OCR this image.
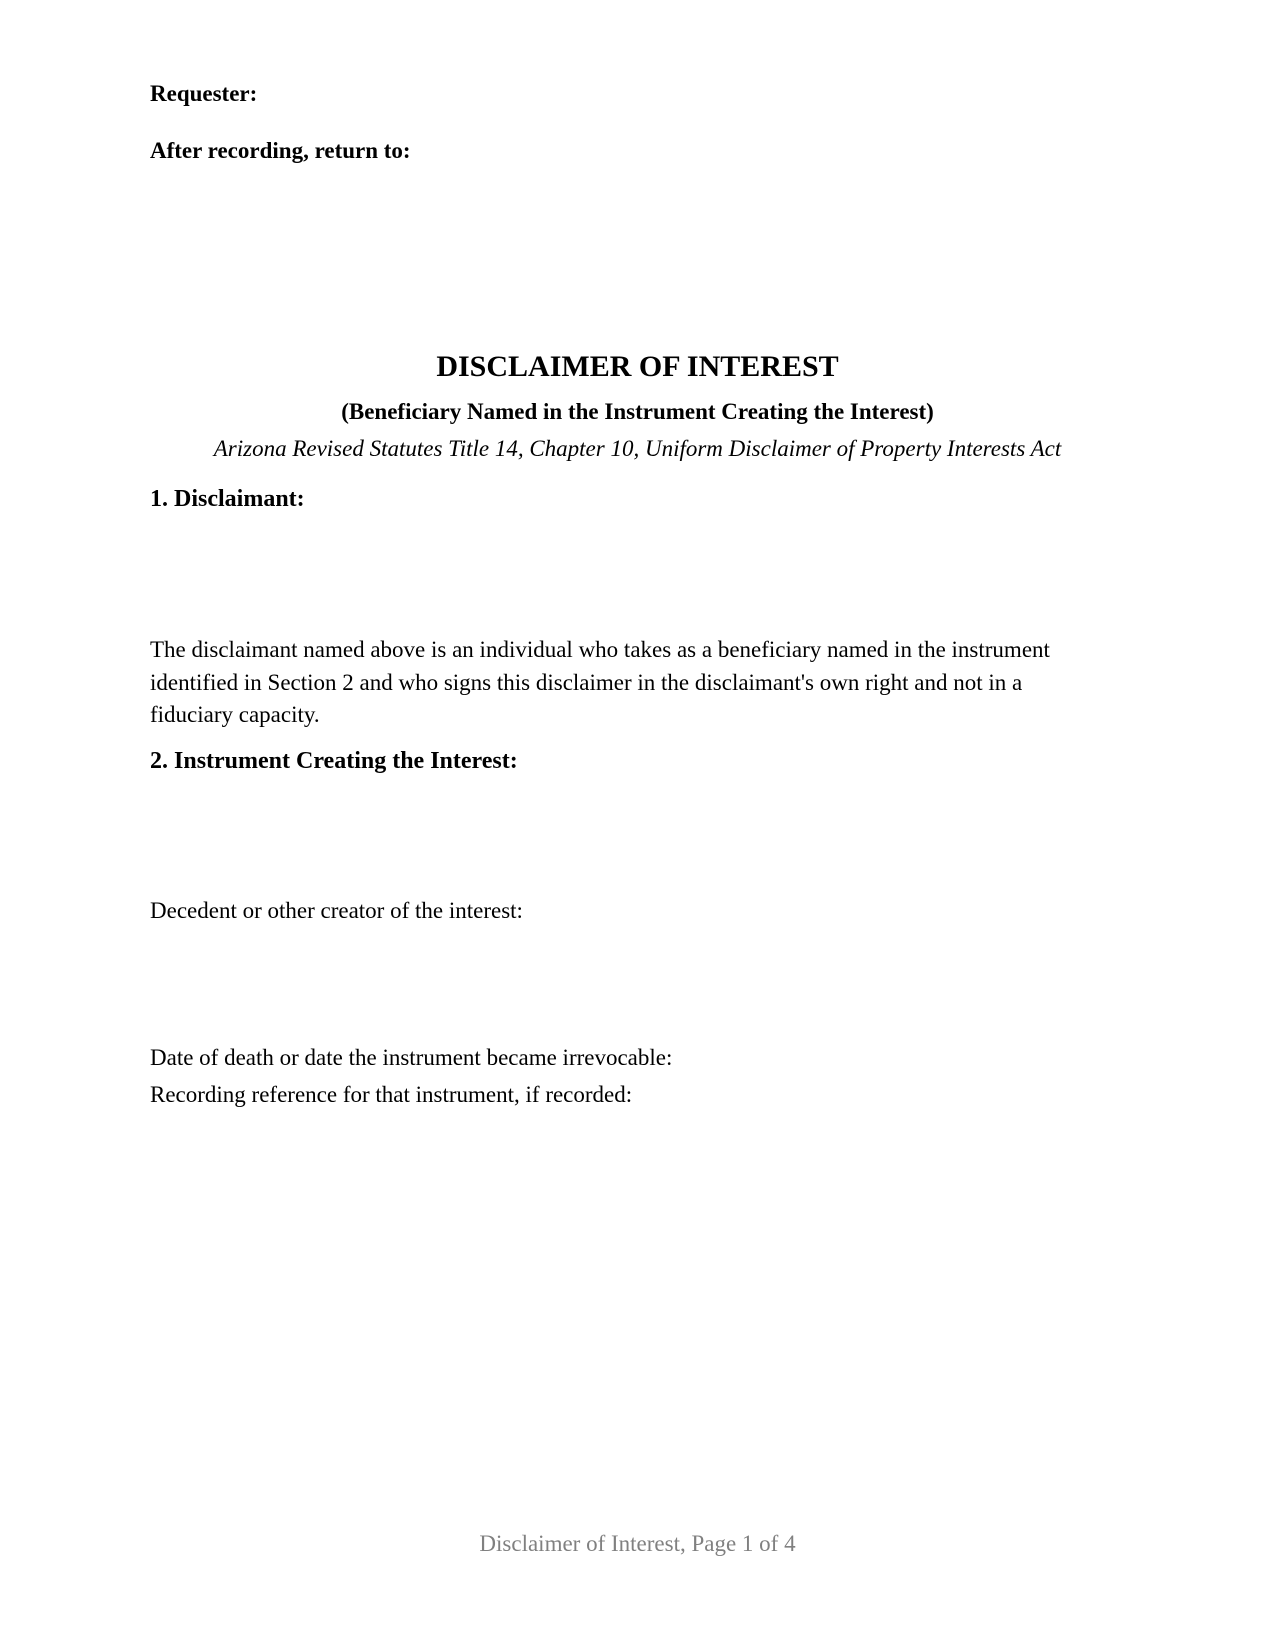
Requester:

After recording, return to:

DISCLAIMER OF INTEREST

(Beneficiary Named in the Instrument Creating the Interest)

Arizona Revised Statutes Title 14, Chapter 10, Uniform Disclaimer of Property Interests Act

1. Disclaimant:

The disclaimant named above is an individual who takes as a beneficiary named in the instrument identified in Section 2 and who signs this disclaimer in the disclaimant's own right and not in a fiduciary capacity.

2. Instrument Creating the Interest:

Decedent or other creator of the interest:

Date of death or date the instrument became irrevocable:

Recording reference for that instrument, if recorded:

Disclaimer of Interest, Page 1 of 4
